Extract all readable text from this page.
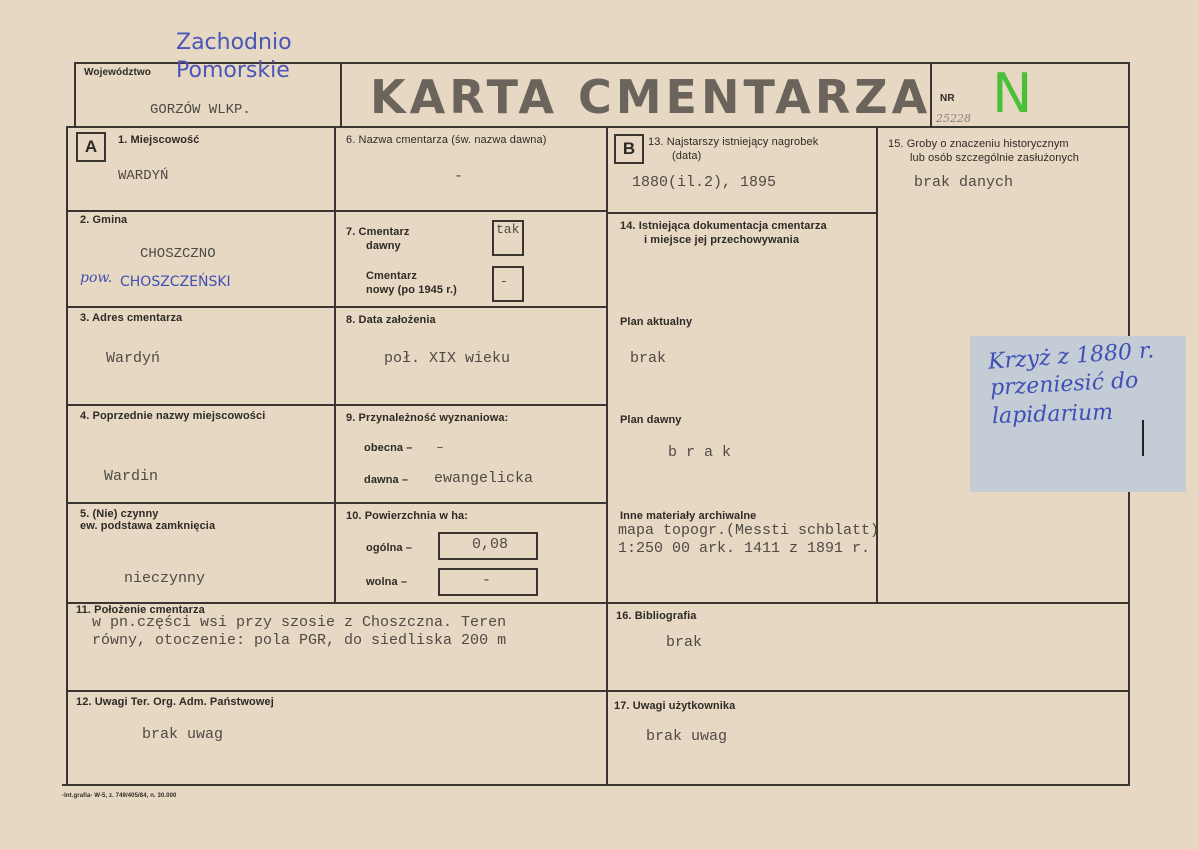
Województwo
Zachodnio
Pomorskie
GORZÓW WLKP.	KARTA CMENTARZA NR N
25228
A	B
1. Miejscowość
WARDYŃ
2. Gmina
CHOSZCZNO
pow. CHOSZCZEŃSKI
3. Adres cmentarza
Wardyń
4. Poprzednie nazwy miejscowości
Wardin
5. (Nie) czynny
ew. podstawa zamknięcia
nieczynny
6. Nazwa cmentarza (św. nazwa dawna)
-
7. Cmentarz
dawny
tak
Cmentarz
nowy (po 1945 r.)
-
8. Data założenia
poł. XIX wieku
9. Przynależność wyznaniowa:
obecna – –
dawna – ewangelicka
10. Powierzchnia w ha:
ogólna –	0,08
wolna –	-
11. Położenie cmentarza
w pn.części wsi przy szosie z Choszczna. Teren
równy, otoczenie: pola PGR, do siedliska 200 m
12. Uwagi Ter. Org. Adm. Państwowej
brak uwag
13. Najstarszy istniejący nagrobek
(data)
1880(il.2), 1895
14. Istniejąca dokumentacja cmentarza
i miejsce jej przechowywania
Plan aktualny
brak
Plan dawny
b r a k
Inne materiały archiwalne
mapa topogr.(Messti schblatt)
1:250 00 ark. 1411 z 1891 r.
15. Groby o znaczeniu historycznym
lub osób szczególnie zasłużonych
brak danych
Krzyż z 1880 r.
przeniesić do
lapidarium
16. Bibliografia
brak
17. Uwagi użytkownika
brak uwag
-Int.grafia- W-5, z. 749/405/84, n. 30.000
